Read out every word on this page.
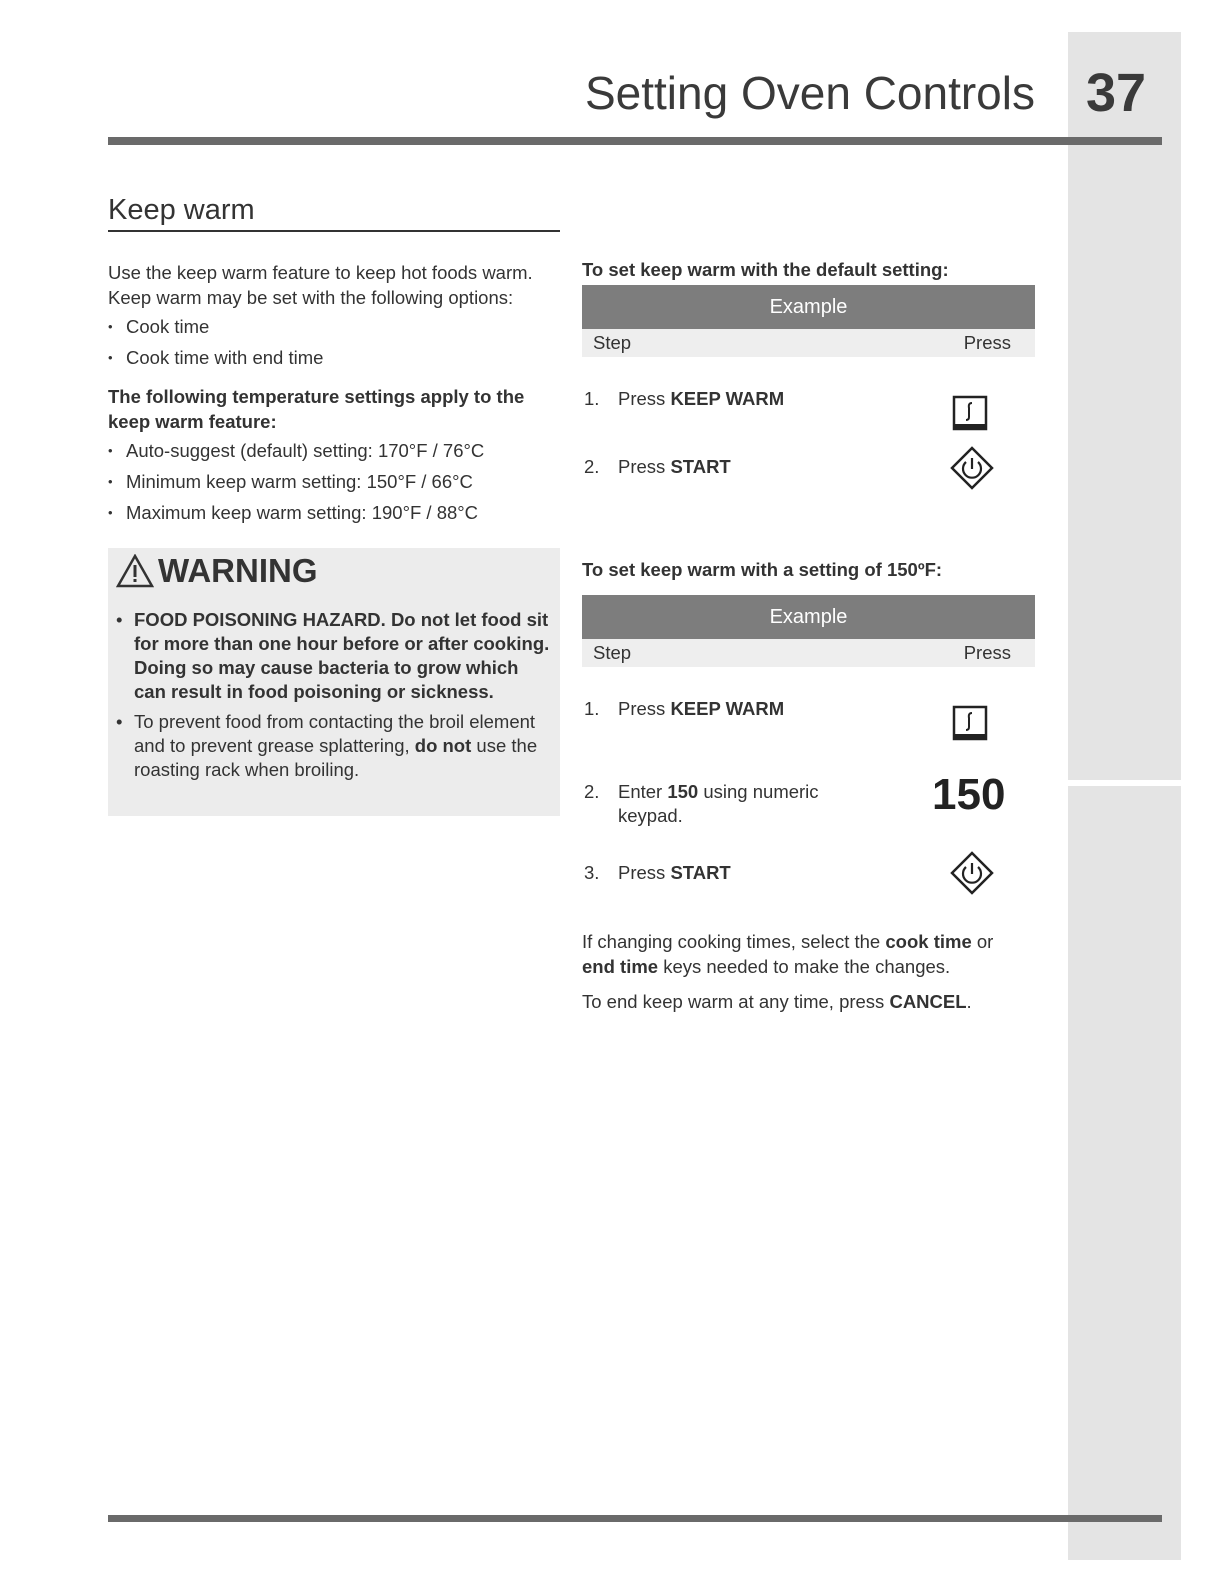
Setting Oven Controls 37
Keep warm
Use the keep warm feature to keep hot foods warm.
Keep warm may be set with the following options:
• Cook time
• Cook time with end time
The following temperature settings apply to the
keep warm feature:
• Auto-suggest (default) setting: 170°F / 76°C
• Minimum keep warm setting: 150°F / 66°C
• Maximum keep warm setting: 190°F / 88°C
WARNING
• FOOD POISONING HAZARD. Do not let food sit for more than one hour before or after cooking. Doing so may cause bacteria to grow which can result in food poisoning or sickness.
• To prevent food from contacting the broil element and to prevent grease splattering, do not use the roasting rack when broiling.
To set keep warm with the default setting:
Example
Step	Press
1. Press KEEP WARM
2. Press START
To set keep warm with a setting of 150ºF:
Example
Step	Press
1. Press KEEP WARM
2. Enter 150 using numeric
keypad.	150
3. Press START
If changing cooking times, select the cook time or
end time keys needed to make the changes.
To end keep warm at any time, press CANCEL.
